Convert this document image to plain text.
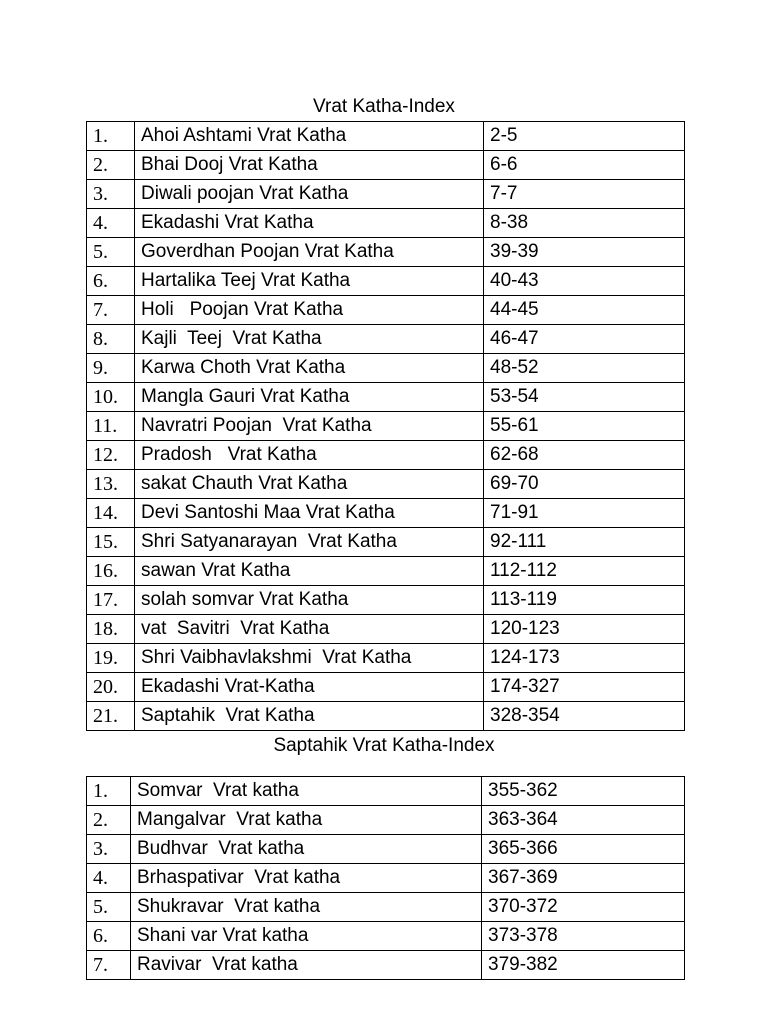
Vrat Katha-Index
1.	Ahoi Ashtami Vrat Katha	2-5
2.	Bhai Dooj Vrat Katha	6-6
3.	Diwali poojan Vrat Katha	7-7
4.	Ekadashi Vrat Katha	8-38
5.	Goverdhan Poojan Vrat Katha	39-39
6.	Hartalika Teej Vrat Katha	40-43
7.	Holi   Poojan Vrat Katha	44-45
8.	Kajli  Teej  Vrat Katha	46-47
9.	Karwa Choth Vrat Katha	48-52
10.	Mangla Gauri Vrat Katha	53-54
11.	Navratri Poojan  Vrat Katha	55-61
12.	Pradosh   Vrat Katha	62-68
13.	sakat Chauth Vrat Katha	69-70
14.	Devi Santoshi Maa Vrat Katha	71-91
15.	Shri Satyanarayan  Vrat Katha	92-111
16.	sawan Vrat Katha	112-112
17.	solah somvar Vrat Katha	113-119
18.	vat  Savitri  Vrat Katha	120-123
19.	Shri Vaibhavlakshmi  Vrat Katha	124-173
20.	Ekadashi Vrat-Katha	174-327
21.	Saptahik  Vrat Katha	328-354
Saptahik Vrat Katha-Index
1.	Somvar  Vrat katha	355-362
2.	Mangalvar  Vrat katha	363-364
3.	Budhvar  Vrat katha	365-366
4.	Brhaspativar  Vrat katha	367-369
5.	Shukravar  Vrat katha	370-372
6.	Shani var Vrat katha	373-378
7.	Ravivar  Vrat katha	379-382
